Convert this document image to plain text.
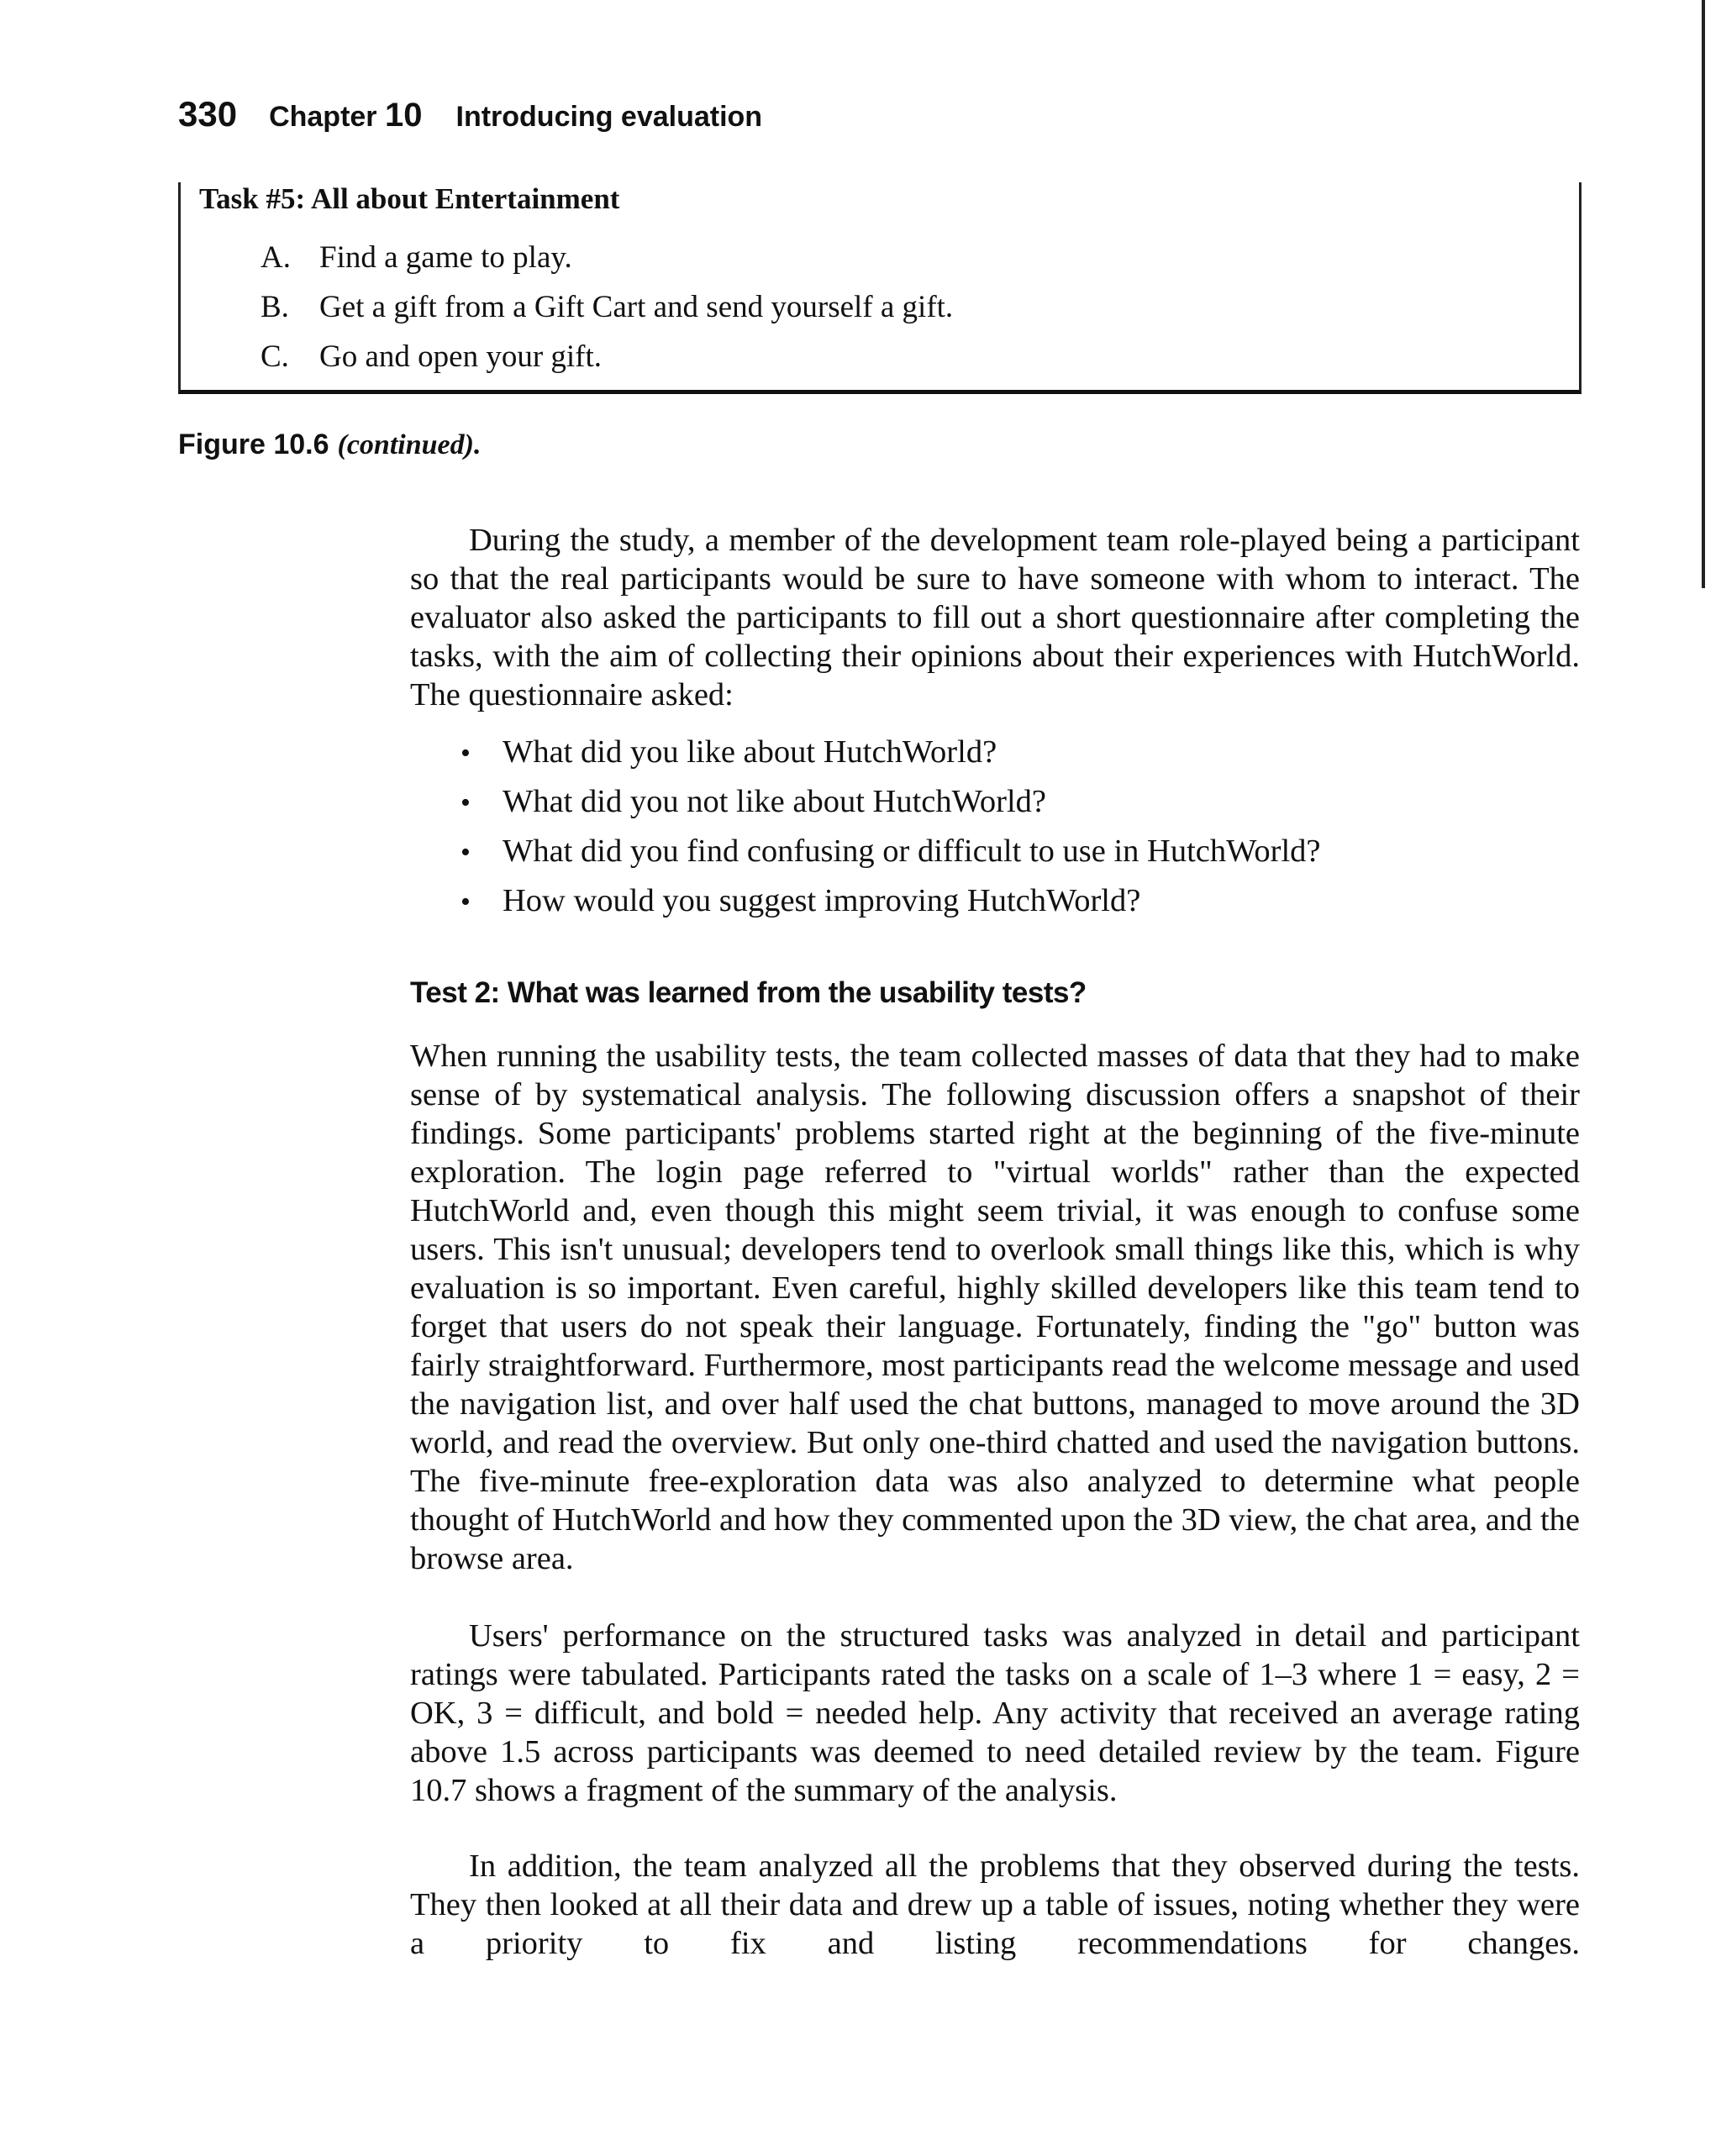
330 Chapter 10 Introducing evaluation
Task #5: All about Entertainment
A. Find a game to play.
B. Get a gift from a Gift Cart and send yourself a gift.
C. Go and open your gift.
Figure 10.6 (continued).

During the study, a member of the development team role-played being a participant so that the real participants would be sure to have someone with whom to interact. The evaluator also asked the participants to fill out a short questionnaire after completing the tasks, with the aim of collecting their opinions about their experiences with HutchWorld. The questionnaire asked:

• What did you like about HutchWorld?
• What did you not like about HutchWorld?
• What did you find confusing or difficult to use in HutchWorld?
• How would you suggest improving HutchWorld?
Test 2: What was learned from the usability tests?

When running the usability tests, the team collected masses of data that they had to make sense of by systematical analysis. The following discussion offers a snapshot of their findings. Some participants' problems started right at the beginning of the five-minute exploration. The login page referred to "virtual worlds" rather than the expected HutchWorld and, even though this might seem trivial, it was enough to confuse some users. This isn't unusual; developers tend to overlook small things like this, which is why evaluation is so important. Even careful, highly skilled developers like this team tend to forget that users do not speak their language. Fortunately, finding the "go" button was fairly straightforward. Furthermore, most participants read the welcome message and used the navigation list, and over half used the chat buttons, managed to move around the 3D world, and read the overview. But only one-third chatted and used the navigation buttons. The five-minute free-exploration data was also analyzed to determine what people thought of HutchWorld and how they commented upon the 3D view, the chat area, and the browse area.

Users' performance on the structured tasks was analyzed in detail and participant ratings were tabulated. Participants rated the tasks on a scale of 1–3 where 1 = easy, 2 = OK, 3 = difficult, and bold = needed help. Any activity that received an average rating above 1.5 across participants was deemed to need detailed review by the team. Figure 10.7 shows a fragment of the summary of the analysis.

In addition, the team analyzed all the problems that they observed during the tests. They then looked at all their data and drew up a table of issues, noting whether they were a priority to fix and listing recommendations for changes.
